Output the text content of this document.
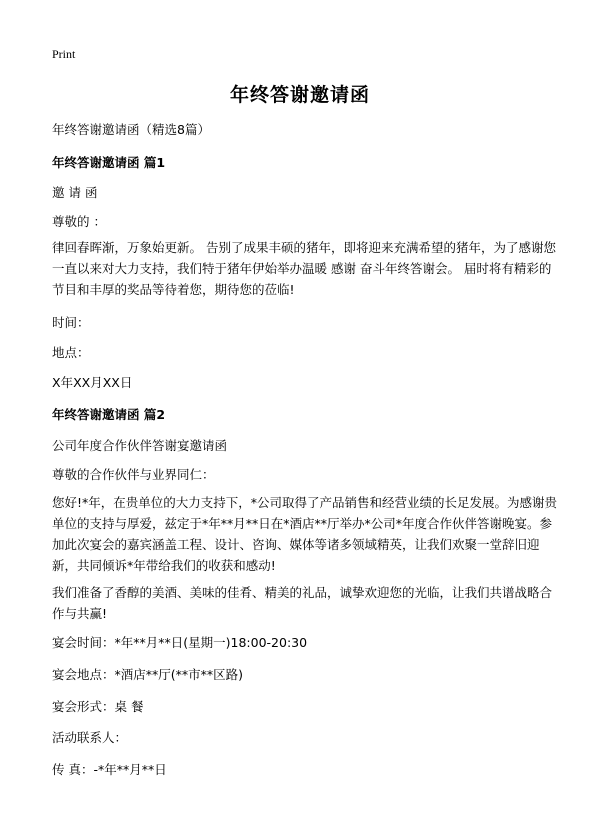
Print
年终答谢邀请函
年终答谢邀请函（精选8篇）
年终答谢邀请函 篇1
邀 请 函
尊敬的 ：
律回春晖渐，万象始更新。 告别了成果丰硕的猪年，即将迎来充满希望的猪年，为了感谢您一直以来对大力支持，我们特于猪年伊始举办温暖 感谢 奋斗年终答谢会。 届时将有精彩的节目和丰厚的奖品等待着您，期待您的莅临!
时间：
地点：
X年XX月XX日
年终答谢邀请函 篇2
公司年度合作伙伴答谢宴邀请函
尊敬的合作伙伴与业界同仁：
您好!*年，在贵单位的大力支持下，*公司取得了产品销售和经营业绩的长足发展。为感谢贵单位的支持与厚爱，兹定于*年**月**日在*酒店**厅举办*公司*年度合作伙伴答谢晚宴。参加此次宴会的嘉宾涵盖工程、设计、咨询、媒体等诸多领域精英，让我们欢聚一堂辞旧迎新，共同倾诉*年带给我们的收获和感动!
我们准备了香醇的美酒、美味的佳肴、精美的礼品，诚挚欢迎您的光临，让我们共谱战略合作与共赢!
宴会时间：*年**月**日(星期一)18:00-20:30
宴会地点：*酒店**厅(**市**区路)
宴会形式：桌 餐
活动联系人：
传 真：-*年**月**日
